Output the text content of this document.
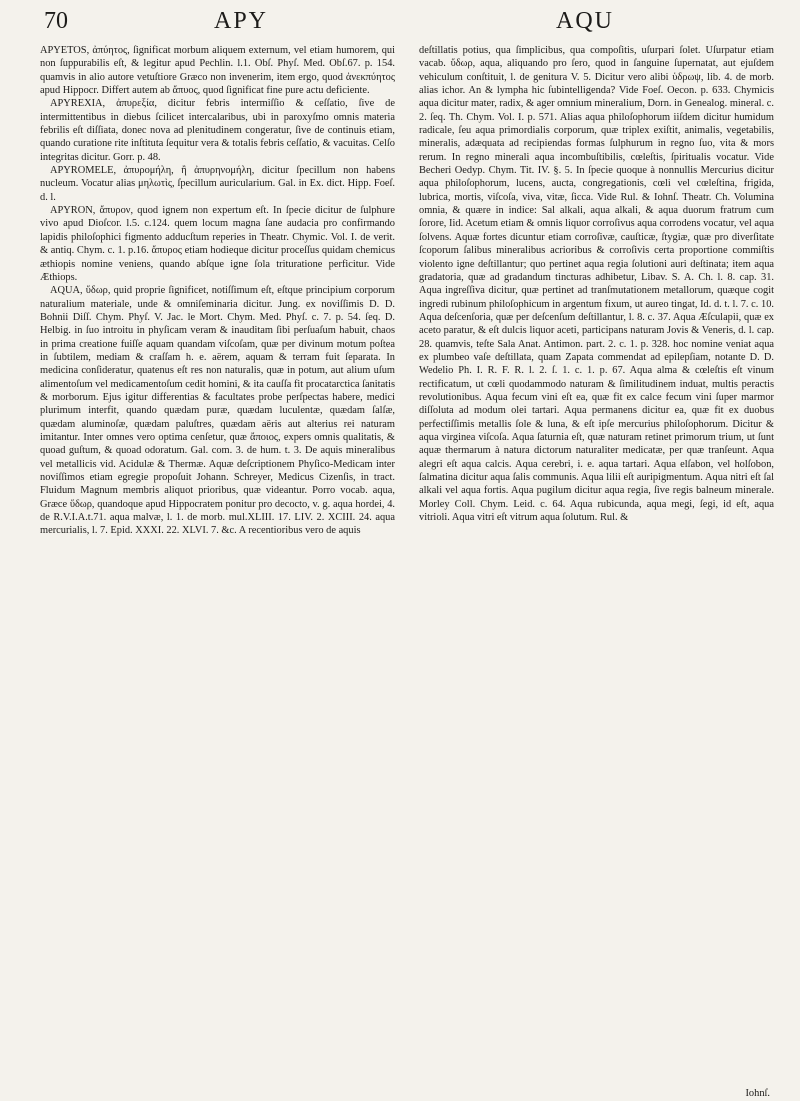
70	APY	AQU

APYETOS, ἀπύητος, ſignificat morbum aliquem externum, vel etiam humorem, qui non ſuppurabilis eſt, & legitur apud Pechlin. l.1. Obſ. Phyſ. Med. Obſ.67. p. 154. quamvis in alio autore vetuſtiore Græco non invenerim, item ergo, quod ἀνεκπύητος apud Hippocr. Differt autem ab ἄπυος, quod ſignificat fine pure actu deficiente.

APYREXIA, ἀπυρεξία, dicitur febris intermiſſio & ceſſatio, ſive de intermittentibus in diebus ſcilicet intercalaribus, ubi in paroxyſmo omnis materia febrilis eſt diſſiata, donec nova ad plenitudinem congeratur, ſive de continuis etiam, quando curatione rite inſtituta ſequitur vera & totalis febris ceſſatio, & vacuitas. Celſo integritas dicitur. Gorr. p. 48.

APYROMELE, ἀπυρομήλη, ἢ ἀπυρηνομήλη, dicitur ſpecillum non habens nucleum. Vocatur alias μηλωτὶς, ſpecillum auricularium. Gal. in Ex. dict. Hipp. Foeſ. d. l.

APYRON, ἄπυρον, quod ignem non expertum eſt. In ſpecie dicitur de ſulphure vivo apud Dioſcor. l.5. c.124. quem locum magna ſane audacia pro confirmando lapidis philoſophici figmento adducſtum reperies in Theatr. Chymic. Vol. I. de verit. & antiq. Chym. c. 1. p.16. ἄπυρος etiam hodieque dicitur proceſſus quidam chemicus æthiopis nomine veniens, quando abſque igne ſola trituratione perficitur. Vide Æthiops.

AQUA, ὕδωρ, quid proprie ſignificet, notiſſimum eſt, eſtque principium corporum naturalium materiale, unde & omniſeminaria dicitur. Jung. ex noviſſimis D. D. Bohnii Diſſ. Chym. Phyſ. V. Jac. le Mort. Chym. Med. Phyſ. c. 7. p. 54. ſeq. D. Helbig. in ſuo introitu in phyſicam veram & inauditam ſibi perſuaſum habuit, chaos in prima creatione fuiſſe aquam quandam viſcoſam, quæ per divinum motum poſtea in ſubtilem, mediam & craſſam h. e. aërem, aquam & terram fuit ſeparata. In medicina conſideratur, quatenus eſt res non naturalis, quæ in potum, aut alium uſum alimentoſum vel medicamentoſum cedit homini, & ita cauſſa fit procatarctica ſanitatis & morborum. Ejus igitur differentias & facultates probe perſpectas habere, medici plurimum interfit, quando quædam puræ, quædam luculentæ, quædam ſalſæ, quædam aluminoſæ, quædam paluſtres, quædam aëris aut alterius rei naturam imitantur. Inter omnes vero optima cenſetur, quæ ἄποιος, expers omnis qualitatis, & quoad guſtum, & quoad odoratum. Gal. com. 3. de hum. t. 3. De aquis mineralibus vel metallicis vid. Acidulæ & Thermæ. Aquæ deſcriptionem Phyſico-Medicam inter noviſſimos etiam egregie propoſuit Johann. Schreyer, Medicus Cizenſis, in tract. Fluidum Magnum membris aliquot prioribus, quæ videantur. Porro vocab. aqua, Græce ὕδωρ, quandoque apud Hippocratem ponitur pro decocto, v. g. aqua hordei, 4. de R.V.I.A.t.71. aqua malvæ, l. 1. de morb. mul.XLIII. 17. LIV. 2. XCIII. 24. aqua mercurialis, l. 7. Epid. XXXI. 22. XLVI. 7. &c. A recentioribus vero de aquis

deſtillatis potius, qua ſimplicibus, qua compoſitis, uſurpari ſolet. Uſurpatur etiam vacab. ὕδωρ, aqua, aliquando pro ſero, quod in ſanguine ſupernatat, aut ejuſdem vehiculum conſtituit, l. de genitura V. 5. Dicitur vero alibi ὑδρωψ, lib. 4. de morb. alias ichor. An & lympha hic ſubintelligenda? Vide Foeſ. Oecon. p. 633. Chymicis aqua dicitur mater, radix, & ager omnium mineralium, Dorn. in Genealog. mineral. c. 2. ſeq. Th. Chym. Vol. I. p. 571. Alias aqua philoſophorum iiſdem dicitur humidum radicale, ſeu aqua primordialis corporum, quæ triplex exiſtit, animalis, vegetabilis, mineralis, adæquata ad recipiendas formas ſulphurum in regno ſuo, vita & mors rerum. In regno minerali aqua incombuſtibilis, cœleſtis, ſpiritualis vocatur. Vide Becheri Oedyp. Chym. Tit. IV. §. 5. In ſpecie quoque à nonnullis Mercurius dicitur aqua philoſophorum, lucens, aucta, congregationis, cœli vel cœleſtina, frigida, lubrica, mortis, viſcoſa, viva, vitæ, ſicca. Vide Rul. & Iohnſ. Theatr. Ch. Volumina omnia, & quære in indice: Sal alkali, aqua alkali, & aqua duorum fratrum cum ſorore, Iid. Acetum etiam & omnis liquor corroſivus aqua corrodens vocatur, vel aqua ſolvens. Aquæ fortes dicuntur etiam corroſivæ, cauſticæ, ſtygiæ, quæ pro diverſitate ſcoporum ſalibus mineralibus acrioribus & corroſivis certa proportione commiſtis violento igne deſtillantur; quo pertinet aqua regia ſolutioni auri deſtinata; item aqua gradatoria, quæ ad gradandum tincturas adhibetur, Libav. S. A. Ch. l. 8. cap. 31. Aqua ingreſſiva dicitur, quæ pertinet ad tranſmutationem metallorum, quæque cogit ingredi rubinum philoſophicum in argentum fixum, ut aureo tingat, Id. d. t. l. 7. c. 10. Aqua deſcenſoria, quæ per deſcenſum deſtillantur, l. 8. c. 37. Aqua Æſculapii, quæ ex aceto paratur, & eſt dulcis liquor aceti, participans naturam Jovis & Veneris, d. l. cap. 28. quamvis, teſte Sala Anat. Antimon. part. 2. c. 1. p. 328. hoc nomine veniat aqua ex plumbeo vaſe deſtillata, quam Zapata commendat ad epilepſiam, notante D. D. Wedelio Ph. I. R. F. R. l. 2. ſ. 1. c. 1. p. 67. Aqua alma & cœleſtis eſt vinum rectificatum, ut cœli quodammodo naturam & ſimilitudinem induat, multis peractis revolutionibus. Aqua fecum vini eſt ea, quæ fit ex calce fecum vini ſuper marmor diſſoluta ad modum olei tartari. Aqua permanens dicitur ea, quæ fit ex duobus perfectiſſimis metallis ſole & luna, & eſt ipſe mercurius philoſophorum. Dicitur & aqua virginea viſcoſa. Aqua ſaturnia eſt, quæ naturam retinet primorum trium, ut ſunt aquæ thermarum à natura dictorum naturaliter medicatæ, per quæ tranſeunt. Aqua alegri eſt aqua calcis. Aqua cerebri, i. e. aqua tartari. Aqua elſabon, vel holſobon, ſalmatina dicitur aqua ſalis communis. Aqua lilii eſt auripigmentum. Aqua nitri eſt ſal alkali vel aqua fortis. Aqua pugilum dicitur aqua regia, ſive regis balneum minerale. Morley Coll. Chym. Leid. c. 64. Aqua rubicunda, aqua megi, ſegi, id eſt, aqua vitrioli. Aqua vitri eſt vitrum aqua ſolutum. Rul. &

Iohnſ.
